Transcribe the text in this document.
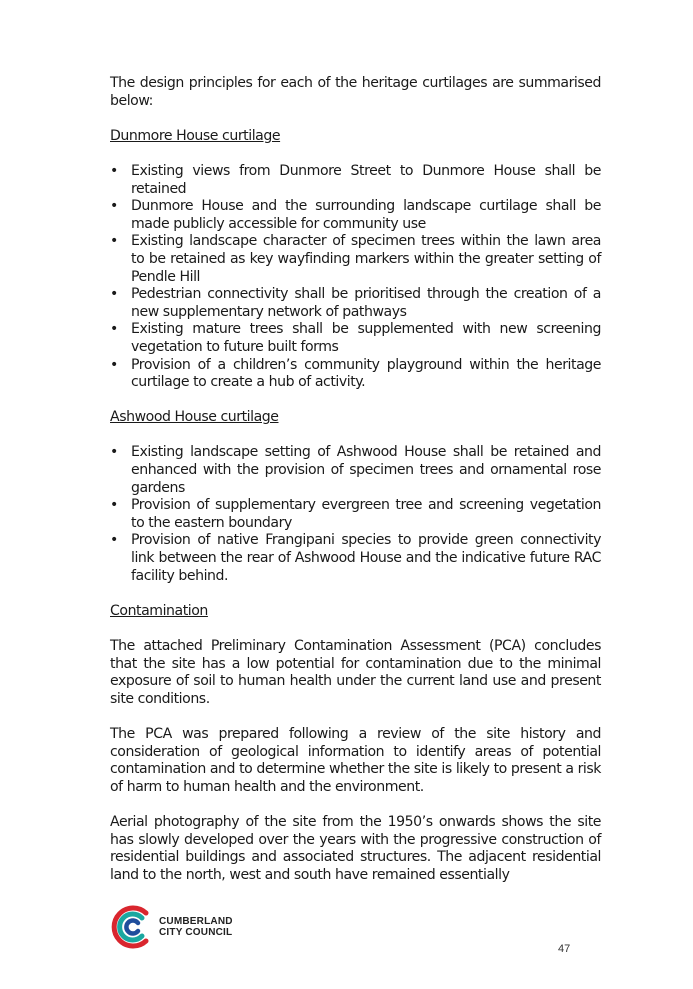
The design principles for each of the heritage curtilages are summarised below:

Dunmore House curtilage

• Existing views from Dunmore Street to Dunmore House shall be retained
• Dunmore House and the surrounding landscape curtilage shall be made publicly accessible for community use
• Existing landscape character of specimen trees within the lawn area to be retained as key wayfinding markers within the greater setting of Pendle Hill
• Pedestrian connectivity shall be prioritised through the creation of a new supplementary network of pathways
• Existing mature trees shall be supplemented with new screening vegetation to future built forms
• Provision of a children’s community playground within the heritage curtilage to create a hub of activity.

Ashwood House curtilage

• Existing landscape setting of Ashwood House shall be retained and enhanced with the provision of specimen trees and ornamental rose gardens
• Provision of supplementary evergreen tree and screening vegetation to the eastern boundary
• Provision of native Frangipani species to provide green connectivity link between the rear of Ashwood House and the indicative future RAC facility behind.

Contamination

The attached Preliminary Contamination Assessment (PCA) concludes that the site has a low potential for contamination due to the minimal exposure of soil to human health under the current land use and present site conditions.

The PCA was prepared following a review of the site history and consideration of geological information to identify areas of potential contamination and to determine whether the site is likely to present a risk of harm to human health and the environment.

Aerial photography of the site from the 1950’s onwards shows the site has slowly developed over the years with the progressive construction of residential buildings and associated structures. The adjacent residential land to the north, west and south have remained essentially

CUMBERLAND
CITY COUNCIL
47
